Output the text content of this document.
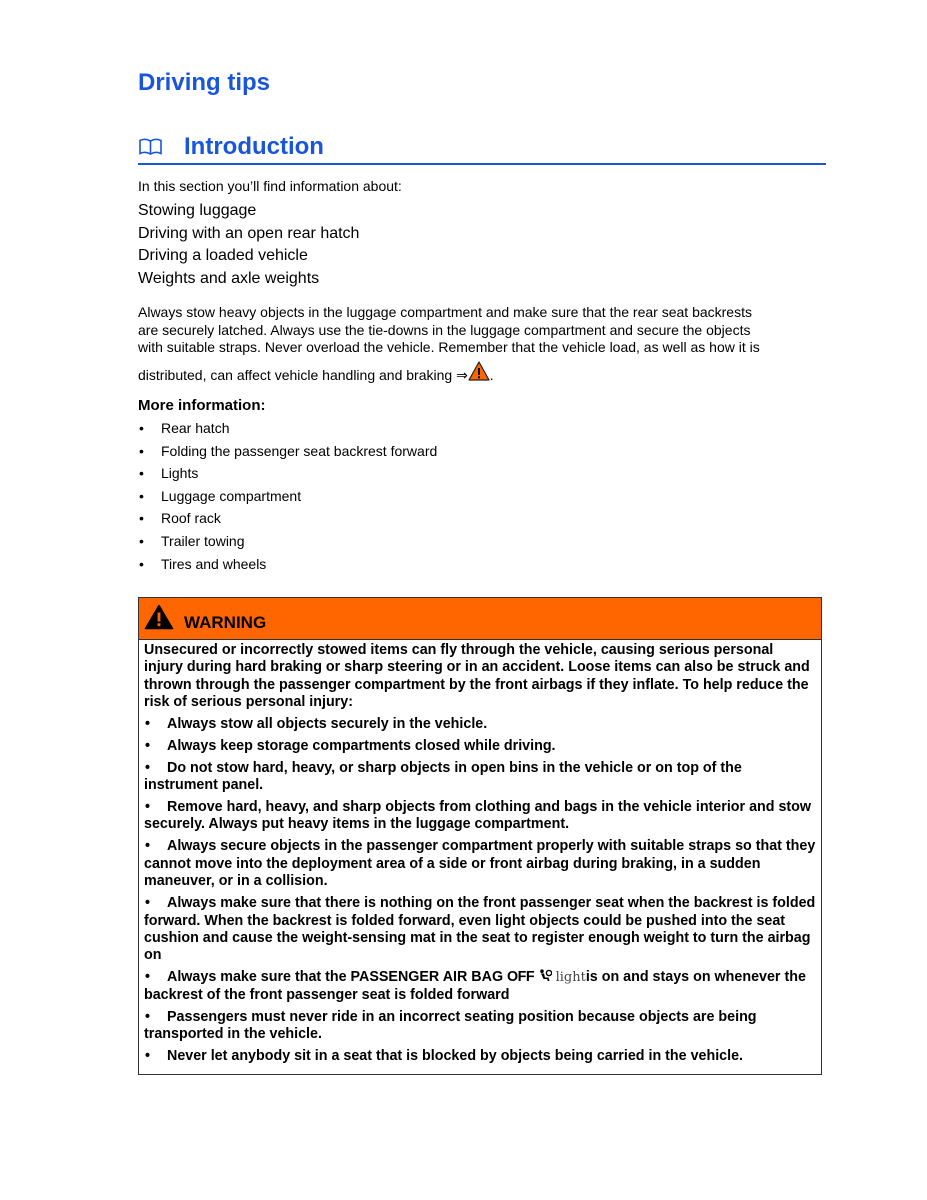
Driving tips
Introduction

In this section you’ll find information about:

Stowing luggage
Driving with an open rear hatch
Driving a loaded vehicle
Weights and axle weights

Always stow heavy objects in the luggage compartment and make sure that the rear seat backrests
are securely latched. Always use the tie-downs in the luggage compartment and secure the objects
with suitable straps. Never overload the vehicle. Remember that the vehicle load, as well as how it is
distributed, can affect vehicle handling and braking ⇒ .

More information:
• Rear hatch
• Folding the passenger seat backrest forward
• Lights
• Luggage compartment
• Roof rack
• Trailer towing
• Tires and wheels
WARNING

Unsecured or incorrectly stowed items can fly through the vehicle, causing serious personal injury during hard braking or sharp steering or in an accident. Loose items can also be struck and thrown through the passenger compartment by the front airbags if they inflate. To help reduce the risk of serious personal injury:

• Always stow all objects securely in the vehicle.
• Always keep storage compartments closed while driving.
• Do not stow hard, heavy, or sharp objects in open bins in the vehicle or on top of the instrument panel.
• Remove hard, heavy, and sharp objects from clothing and bags in the vehicle interior and stow securely. Always put heavy items in the luggage compartment.
• Always secure objects in the passenger compartment properly with suitable straps so that they cannot move into the deployment area of a side or front airbag during braking, in a sudden maneuver, or in a collision.
• Always make sure that there is nothing on the front passenger seat when the backrest is folded forward. When the backrest is folded forward, even light objects could be pushed into the seat cushion and cause the weight-sensing mat in the seat to register enough weight to turn the airbag on
• Always make sure that the PASSENGER AIR BAG OFF  lightis on and stays on whenever the backrest of the front passenger seat is folded forward
• Passengers must never ride in an incorrect seating position because objects are being transported in the vehicle.
• Never let anybody sit in a seat that is blocked by objects being carried in the vehicle.
